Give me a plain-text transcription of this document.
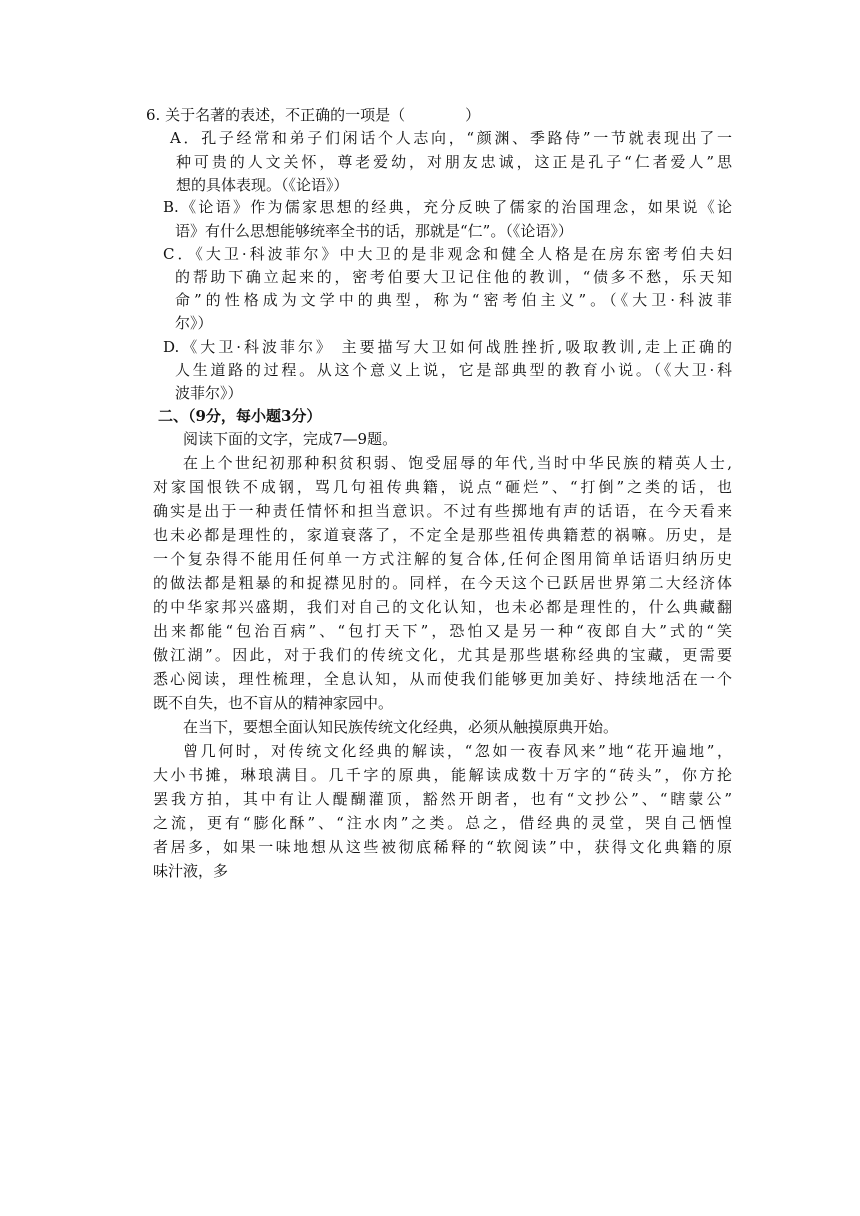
6. 关于名著的表述，不正确的一项是（　　　　）
A．孔子经常和弟子们闲话个人志向，“颜渊、季路侍”一节就表现出了一
种可贵的人文关怀，尊老爱幼，对朋友忠诚，这正是孔子“仁者爱人”思
想的具体表现。（《论语》）
B.《论语》作为儒家思想的经典，充分反映了儒家的治国理念，如果说《论
语》有什么思想能够统率全书的话，那就是“仁”。（《论语》）
C．《大卫·科波菲尔》中大卫的是非观念和健全人格是在房东密考伯夫妇
的帮助下确立起来的，密考伯要大卫记住他的教训，“债多不愁，乐天知
命”的性格成为文学中的典型，称为“密考伯主义”。（《大卫·科波菲
尔》）
D.《大卫·科波菲尔》 主要描写大卫如何战胜挫折,吸取教训,走上正确的
人生道路的过程。从这个意义上说，它是部典型的教育小说。（《大卫·科
波菲尔》）
二、（9分，每小题3分）
阅读下面的文字，完成7—9题。
在上个世纪初那种积贫积弱、饱受屈辱的年代,当时中华民族的精英人士,
对家国恨铁不成钢，骂几句祖传典籍，说点“砸烂”、“打倒”之类的话，也
确实是出于一种责任情怀和担当意识。不过有些掷地有声的话语，在今天看来
也未必都是理性的，家道衰落了，不定全是那些祖传典籍惹的祸嘛。历史，是
一个复杂得不能用任何单一方式注解的复合体,任何企图用简单话语归纳历史
的做法都是粗暴的和捉襟见肘的。同样，在今天这个已跃居世界第二大经济体
的中华家邦兴盛期，我们对自己的文化认知，也未必都是理性的，什么典藏翻
出来都能“包治百病”、“包打天下”，恐怕又是另一种“夜郎自大”式的“笑
傲江湖”。因此，对于我们的传统文化，尤其是那些堪称经典的宝藏，更需要
悉心阅读，理性梳理，全息认知，从而使我们能够更加美好、持续地活在一个
既不自失，也不盲从的精神家园中。
在当下，要想全面认知民族传统文化经典，必须从触摸原典开始。
曾几何时，对传统文化经典的解读，“忽如一夜春风来”地“花开遍地”，
大小书摊，琳琅满目。几千字的原典，能解读成数十万字的“砖头”，你方抡
罢我方拍，其中有让人醍醐灌顶，豁然开朗者，也有“文抄公”、“瞎蒙公”
之流，更有“膨化酥”、“注水肉”之类。总之，借经典的灵堂，哭自己恓惶
者居多，如果一味地想从这些被彻底稀释的“软阅读”中，获得文化典籍的原
味汁液，多
